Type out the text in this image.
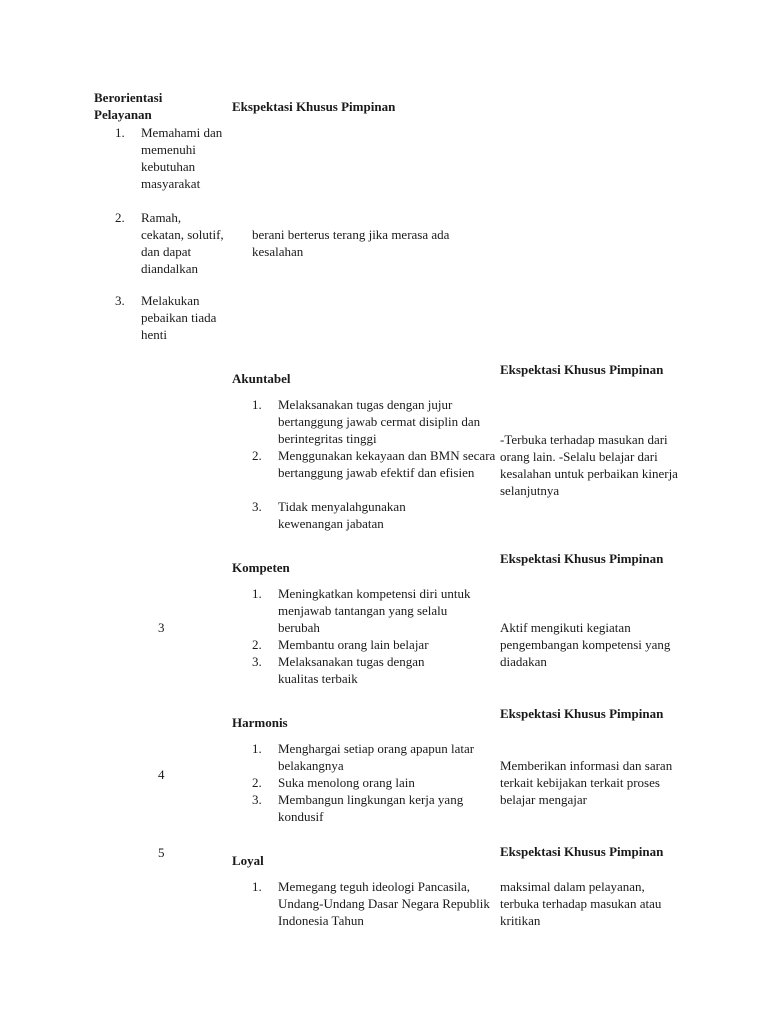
Berorientasi Pelayanan
Ekspektasi Khusus Pimpinan
1. Memahami dan memenuhi kebutuhan masyarakat
2. Ramah, cekatan, solutif, dan dapat diandalkan
3. Melakukan pebaikan tiada henti
berani berterus terang jika merasa ada kesalahan
Akuntabel
Ekspektasi Khusus Pimpinan
1. Melaksanakan tugas dengan jujur bertanggung jawab cermat disiplin dan berintegritas tinggi
2. Menggunakan kekayaan dan BMN secara bertanggung jawab efektif dan efisien
3. Tidak menyalahgunakan kewenangan jabatan
-Terbuka terhadap masukan dari orang lain. -Selalu belajar dari kesalahan untuk perbaikan kinerja selanjutnya
3
Kompeten
Ekspektasi Khusus Pimpinan
1. Meningkatkan kompetensi diri untuk menjawab tantangan yang selalu berubah
2. Membantu orang lain belajar
3. Melaksanakan tugas dengan kualitas terbaik
Aktif mengikuti kegiatan pengembangan kompetensi yang diadakan
4
Harmonis
Ekspektasi Khusus Pimpinan
1. Menghargai setiap orang apapun latar belakangnya
2. Suka menolong orang lain
3. Membangun lingkungan kerja yang kondusif
Memberikan informasi dan saran terkait kebijakan terkait proses belajar mengajar
5
Loyal
Ekspektasi Khusus Pimpinan
1. Memegang teguh ideologi Pancasila, Undang-Undang Dasar Negara Republik Indonesia Tahun
maksimal dalam pelayanan, terbuka terhadap masukan atau kritikan
